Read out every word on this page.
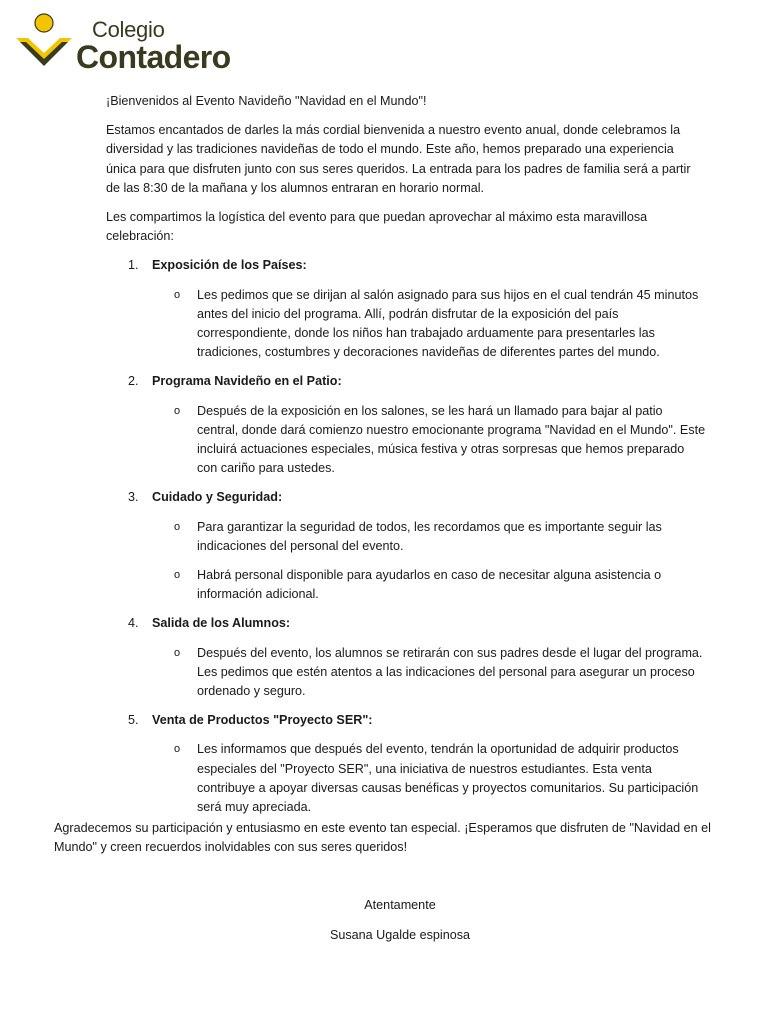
Colegio
Contadero

¡Bienvenidos al Evento Navideño "Navidad en el Mundo"!

Estamos encantados de darles la más cordial bienvenida a nuestro evento anual, donde celebramos la diversidad y las tradiciones navideñas de todo el mundo. Este año, hemos preparado una experiencia única para que disfruten junto con sus seres queridos. La entrada para los padres de familia será a partir de las 8:30 de la mañana y los alumnos entraran en horario normal.

Les compartimos la logística del evento para que puedan aprovechar al máximo esta maravillosa celebración:

1.	Exposición de los Países:
o Les pedimos que se dirijan al salón asignado para sus hijos en el cual tendrán 45 minutos antes del inicio del programa. Allí, podrán disfrutar de la exposición del país correspondiente, donde los niños han trabajado arduamente para presentarles las tradiciones, costumbres y decoraciones navideñas de diferentes partes del mundo.
2.	Programa Navideño en el Patio:
o Después de la exposición en los salones, se les hará un llamado para bajar al patio central, donde dará comienzo nuestro emocionante programa "Navidad en el Mundo". Este incluirá actuaciones especiales, música festiva y otras sorpresas que hemos preparado con cariño para ustedes.
3.	Cuidado y Seguridad:
o Para garantizar la seguridad de todos, les recordamos que es importante seguir las indicaciones del personal del evento.
o Habrá personal disponible para ayudarlos en caso de necesitar alguna asistencia o información adicional.
4.	Salida de los Alumnos:
o Después del evento, los alumnos se retirarán con sus padres desde el lugar del programa. Les pedimos que estén atentos a las indicaciones del personal para asegurar un proceso ordenado y seguro.
5.	Venta de Productos "Proyecto SER":
o Les informamos que después del evento, tendrán la oportunidad de adquirir productos especiales del "Proyecto SER", una iniciativa de nuestros estudiantes. Esta venta contribuye a apoyar diversas causas benéficas y proyectos comunitarios. Su participación será muy apreciada.

Agradecemos su participación y entusiasmo en este evento tan especial. ¡Esperamos que disfruten de "Navidad en el Mundo" y creen recuerdos inolvidables con sus seres queridos!

Atentamente

Susana Ugalde espinosa
